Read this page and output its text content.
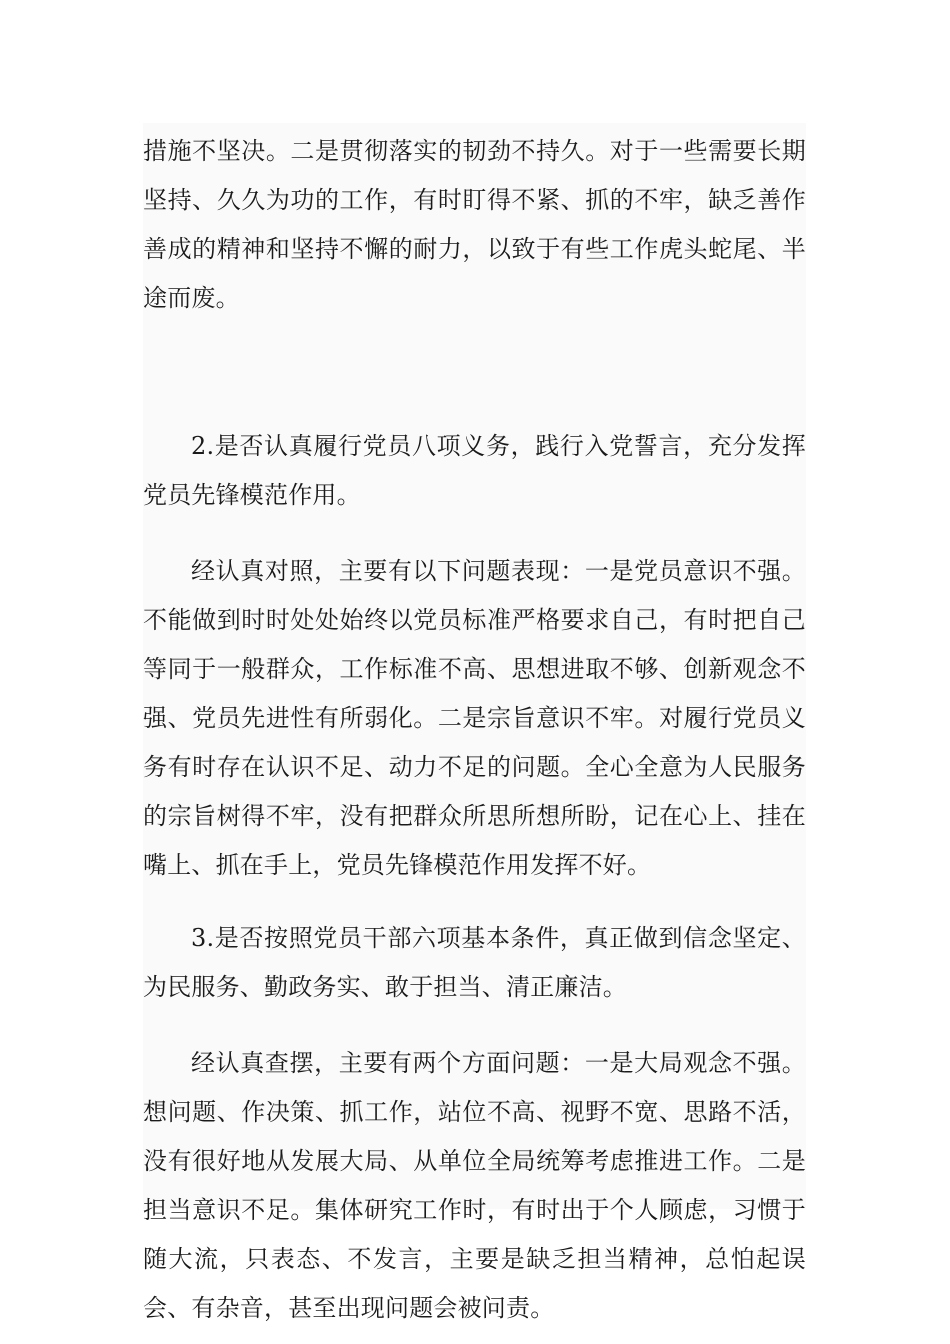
措施不坚决。二是贯彻落实的韧劲不持久。对于一些需要长期坚持、久久为功的工作，有时盯得不紧、抓的不牢，缺乏善作善成的精神和坚持不懈的耐力，以致于有些工作虎头蛇尾、半途而废。

2.是否认真履行党员八项义务，践行入党誓言，充分发挥党员先锋模范作用。

经认真对照，主要有以下问题表现：一是党员意识不强。不能做到时时处处始终以党员标准严格要求自己，有时把自己等同于一般群众，工作标准不高、思想进取不够、创新观念不强、党员先进性有所弱化。二是宗旨意识不牢。对履行党员义务有时存在认识不足、动力不足的问题。全心全意为人民服务的宗旨树得不牢，没有把群众所思所想所盼，记在心上、挂在嘴上、抓在手上，党员先锋模范作用发挥不好。

3.是否按照党员干部六项基本条件，真正做到信念坚定、为民服务、勤政务实、敢于担当、清正廉洁。

经认真查摆，主要有两个方面问题：一是大局观念不强。想问题、作决策、抓工作，站位不高、视野不宽、思路不活，没有很好地从发展大局、从单位全局统筹考虑推进工作。二是担当意识不足。集体研究工作时，有时出于个人顾虑，习惯于随大流，只表态、不发言，主要是缺乏担当精神，总怕起误会、有杂音，甚至出现问题会被问责。
